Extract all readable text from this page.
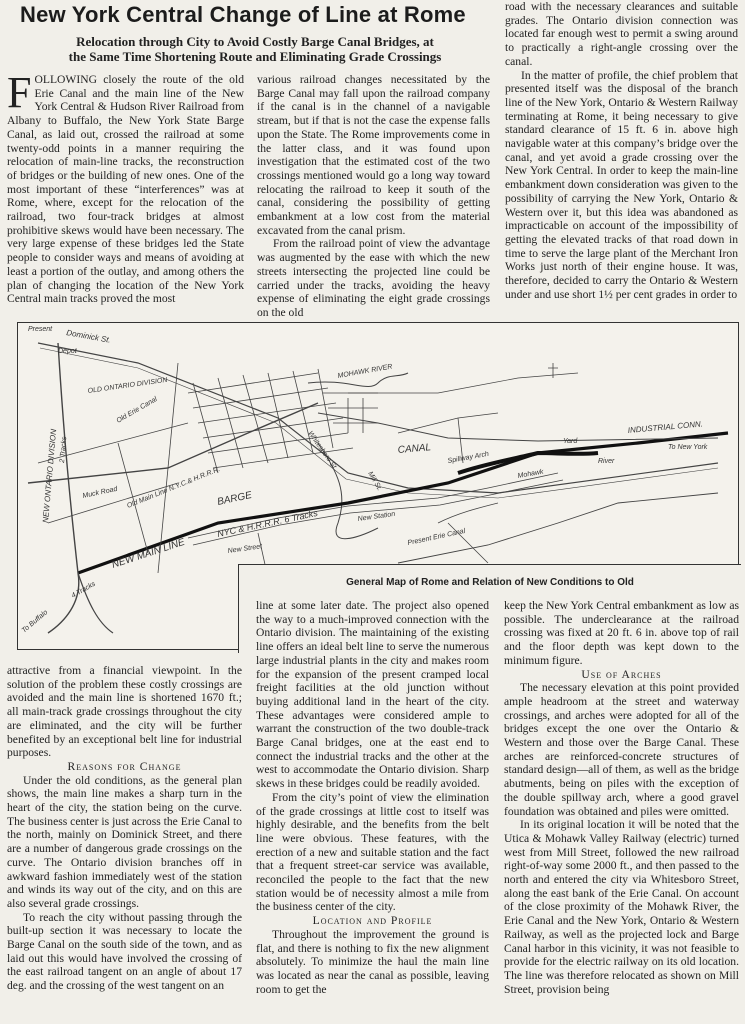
New York Central Change of Line at Rome
Relocation through City to Avoid Costly Barge Canal Bridges, at
the Same Time Shortening Route and Eliminating Grade Crossings

FOLLOWING closely the route of the old Erie Canal and the main line of the New York Central & Hudson River Railroad from Albany to Buffalo, the New York State Barge Canal, as laid out, crossed the railroad at some twenty-odd points in a manner requiring the relocation of main-line tracks, the reconstruction of bridges or the building of new ones. One of the most important of these “interferences” was at Rome, where, except for the relocation of the railroad, two four-track bridges at almost prohibitive skews would have been necessary. The very large expense of these bridges led the State people to consider ways and means of avoiding at least a portion of the outlay, and among others the plan of changing the location of the New York Central main tracks proved the most

various railroad changes necessitated by the Barge Canal may fall upon the railroad company if the canal is in the channel of a navigable stream, but if that is not the case the expense falls upon the State. The Rome improvements come in the latter class, and it was found upon investigation that the estimated cost of the two crossings mentioned would go a long way toward relocating the railroad to keep it south of the canal, considering the possibility of getting embankment at a low cost from the material excavated from the canal prism.

From the railroad point of view the advantage was augmented by the ease with which the new streets intersecting the projected line could be carried under the tracks, avoiding the heavy expense of eliminating the eight grade crossings on the old

road with the necessary clearances and suitable grades. The Ontario division connection was located far enough west to permit a swing around to practically a right-angle crossing over the canal.

In the matter of profile, the chief problem that presented itself was the disposal of the branch line of the New York, Ontario & Western Railway terminating at Rome, it being necessary to give standard clearance of 15 ft. 6 in. above high navigable water at this company’s bridge over the canal, and yet avoid a grade crossing over the New York Central. In order to keep the main-line embankment down consideration was given to the possibility of carrying the New York, Ontario & Western over it, but this idea was abandoned as impracticable on account of the impossibility of getting the elevated tracks of that road down in time to serve the large plant of the Merchant Iron Works just north of their engine house. It was, therefore, decided to carry the Ontario & Western under and use short 1½ per cent grades in order to

Dominick St.
Present
Depot
NEW ONTARIO DIVISION 2 Tracks
OLD ONTARIO DIVISION
Old Main Line N.Y.C.& H.R.R.R.
BARGE
NYC & H.R.R.R. 6 Tracks
NEW MAIN LINE
CANAL
INDUSTRIAL CONN.
To New York
MOHAWK RIVER
Mohawk
River
Yard
Spillway Arch
Present Erie Canal
To Buffalo
4 Tracks
New Street
New Station
Muck Road
Old Erie Canal
Whitesboro St.
Mill St.
General Map of Rome and Relation of New Conditions to Old

attractive from a financial viewpoint. In the solution of the problem these costly crossings are avoided and the main line is shortened 1670 ft.; all main-track grade crossings throughout the city are eliminated, and the city will be further benefited by an exceptional belt line for industrial purposes.

Reasons for Change

Under the old conditions, as the general plan shows, the main line makes a sharp turn in the heart of the city, the station being on the curve. The business center is just across the Erie Canal to the north, mainly on Dominick Street, and there are a number of dangerous grade crossings on the curve. The Ontario division branches off in awkward fashion immediately west of the station and winds its way out of the city, and on this are also several grade crossings.

To reach the city without passing through the built-up section it was necessary to locate the Barge Canal on the south side of the town, and as laid out this would have involved the crossing of the east railroad tangent on an angle of about 17 deg. and the crossing of the west tangent on an

line at some later date. The project also opened the way to a much-improved connection with the Ontario division. The maintaining of the existing line offers an ideal belt line to serve the numerous large industrial plants in the city and makes room for the expansion of the present cramped local freight facilities at the old junction without buying additional land in the heart of the city. These advantages were considered ample to warrant the construction of the two double-track Barge Canal bridges, one at the east end to connect the industrial tracks and the other at the west to accommodate the Ontario division. Sharp skews in these bridges could be readily avoided.

From the city’s point of view the elimination of the grade crossings at little cost to itself was highly desirable, and the benefits from the belt line were obvious. These features, with the erection of a new and suitable station and the fact that a frequent street-car service was available, reconciled the people to the fact that the new station would be of necessity almost a mile from the business center of the city.

Location and Profile

Throughout the improvement the ground is flat, and there is nothing to fix the new alignment absolutely. To minimize the haul the main line was located as near the canal as possible, leaving room to get the

keep the New York Central embankment as low as possible. The underclearance at the railroad crossing was fixed at 20 ft. 6 in. above top of rail and the floor depth was kept down to the minimum figure.

Use of Arches

The necessary elevation at this point provided ample headroom at the street and waterway crossings, and arches were adopted for all of the bridges except the one over the Ontario & Western and those over the Barge Canal. These arches are reinforced-concrete structures of standard design—all of them, as well as the bridge abutments, being on piles with the exception of the double spillway arch, where a good gravel foundation was obtained and piles were omitted.

In its original location it will be noted that the Utica & Mohawk Valley Railway (electric) turned west from Mill Street, followed the new railroad right-of-way some 2000 ft., and then passed to the north and entered the city via Whitesboro Street, along the east bank of the Erie Canal. On account of the close proximity of the Mohawk River, the Erie Canal and the New York, Ontario & Western Railway, as well as the projected lock and Barge Canal harbor in this vicinity, it was not feasible to provide for the electric railway on its old location. The line was therefore relocated as shown on Mill Street, provision being
